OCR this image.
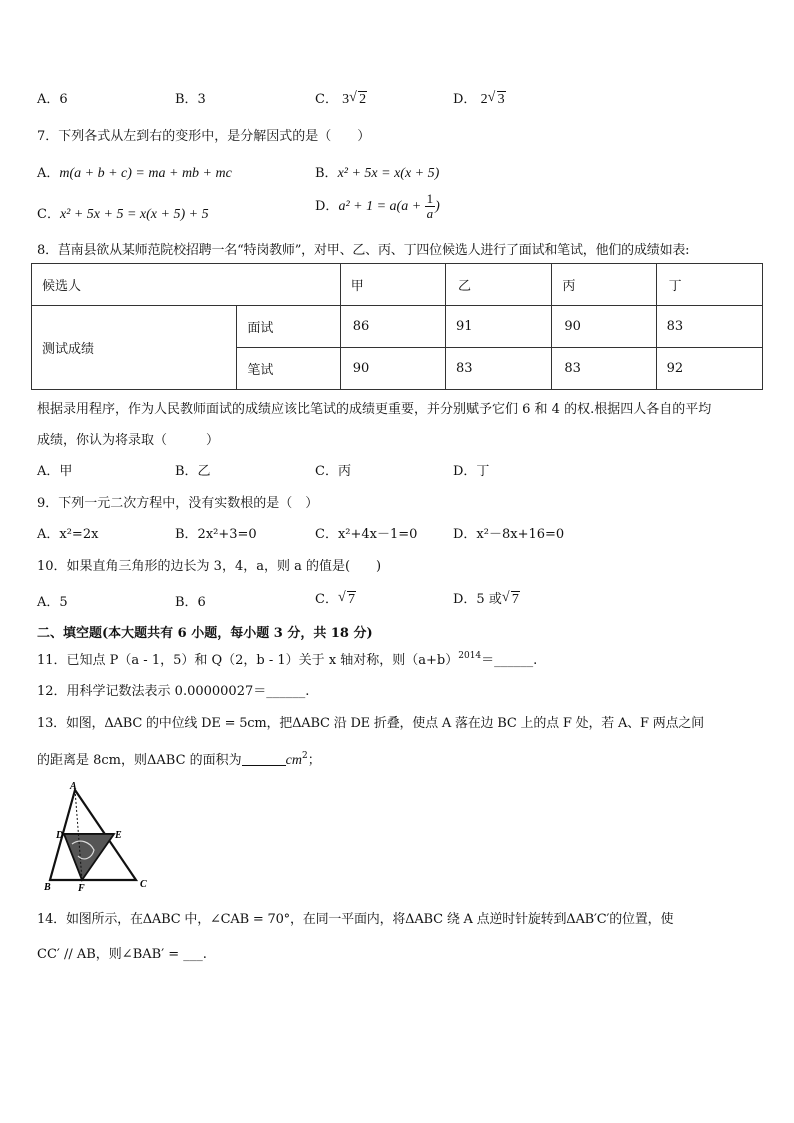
A．6	B．3	C． 3 √ 2	D． 2 √ 3
7．下列各式从左到右的变形中，是分解因式的是（　　）
A．m(a + b + c) = ma + mb + mc	B．x² + 5x = x(x + 5)
C．x² + 5x + 5 = x(x + 5) + 5
D．$a^2 + 1 = a(a + \frac{1}{a}$ )
8．莒南县欲从某师范院校招聘一名“特岗教师”，对甲、乙、丙、丁四位候选人进行了面试和笔试，他们的成绩如表:
候选人		甲	乙	丙	丁
测试成绩	面试	86	91	90	83
	笔试	90	83	83	92
根据录用程序，作为人民教师面试的成绩应该比笔试的成绩更重要，并分别赋予它们 6 和 4 的权.根据四人各自的平均
成绩，你认为将录取（　　　）
A．甲	B．乙	C．丙	D．丁
9．下列一元二次方程中，没有实数根的是（　）
A．x²=2x	B．2x²+3=0	C．x²+4x－1=0	D．x²－8x+16=0
10．如果直角三角形的边长为 3，4，a，则 a 的值是(　　)
A．5	B．6	C． √ 7	D．5 或 √ 7
二、填空题(本大题共有 6 小题，每小题 3 分，共 18 分)
11．已知点 P（a - 1，5）和 Q（2，b - 1）关于 x 轴对称，则$(a+b)^{2014}=\_\_\_\_\_\_$.
12．用科学记数法表示 0.00000027＝______.
13．如图，ΔABC 的中位线 DE = 5cm，把ΔABC 沿 DE 折叠，使点 A 落在边 BC 上的点 F 处，若 A、F 两点之间
的距离是 8cm，则ΔABC 的面积为	$cm^2$；
A
D	E
B	F	C
14．如图所示，在ΔABC 中，∠CAB = 70°，在同一平面内，将ΔABC 绕 A 点逆时针旋转到ΔAB′C′的位置，使
CC′ // AB，则∠BAB′ = ___.
